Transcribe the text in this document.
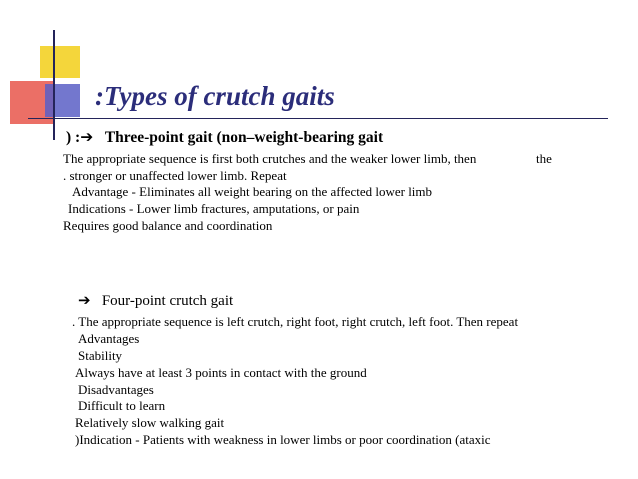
:Types of crutch gaits
) :➔ Three-point gait (non–weight-bearing gait
The appropriate sequence is first both crutches and the weaker lower limb, then	the
. stronger or unaffected lower limb. Repeat
Advantage - Eliminates all weight bearing on the affected lower limb
Indications - Lower limb fractures, amputations, or pain
Requires good balance and coordination
➔ Four-point crutch gait
. The appropriate sequence is left crutch, right foot, right crutch, left foot. Then repeat
Advantages
Stability
Always have at least 3 points in contact with the ground
Disadvantages
Difficult to learn
Relatively slow walking gait
)Indication - Patients with weakness in lower limbs or poor coordination (ataxic
